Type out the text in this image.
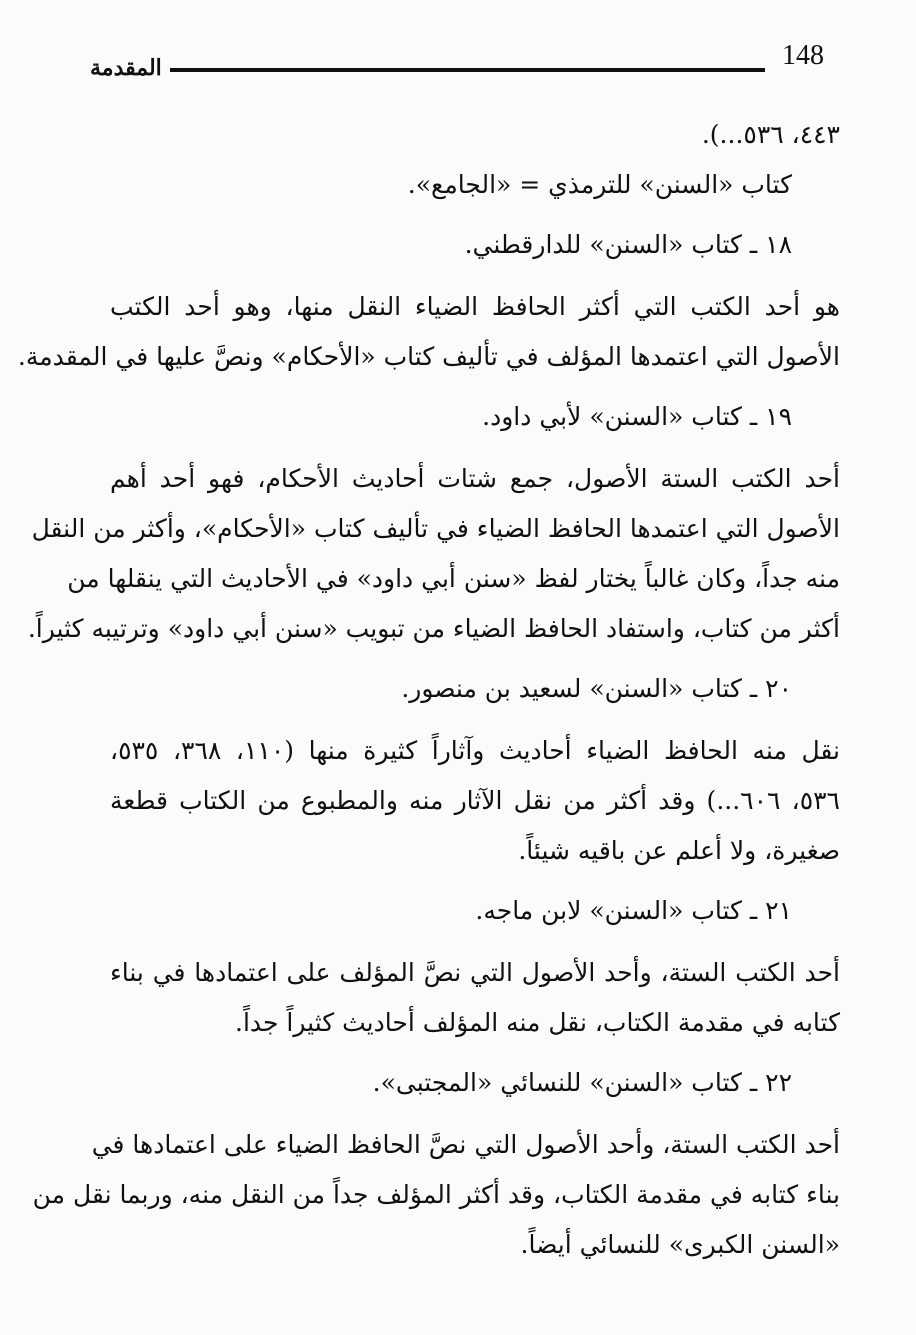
148
المقدمة
٤٤٣، ٥٣٦...).
كتاب «السنن» للترمذي = «الجامع».
١٨ ـ كتاب «السنن» للدارقطني.
هو أحد الكتب التي أكثر الحافظ الضياء النقل منها، وهو أحد الكتب
الأصول التي اعتمدها المؤلف في تأليف كتاب «الأحكام» ونصَّ عليها في المقدمة.
١٩ ـ كتاب «السنن» لأبي داود.
أحد الكتب الستة الأصول، جمع شتات أحاديث الأحكام، فهو أحد أهم
الأصول التي اعتمدها الحافظ الضياء في تأليف كتاب «الأحكام»، وأكثر من النقل
منه جداً، وكان غالباً يختار لفظ «سنن أبي داود» في الأحاديث التي ينقلها من
أكثر من كتاب، واستفاد الحافظ الضياء من تبويب «سنن أبي داود» وترتيبه كثيراً.
٢٠ ـ كتاب «السنن» لسعيد بن منصور.
نقل منه الحافظ الضياء أحاديث وآثاراً كثيرة منها (١١٠، ٣٦٨، ٥٣٥،
٥٣٦، ٦٠٦...) وقد أكثر من نقل الآثار منه والمطبوع من الكتاب قطعة
صغيرة، ولا أعلم عن باقيه شيئاً.
٢١ ـ كتاب «السنن» لابن ماجه.
أحد الكتب الستة، وأحد الأصول التي نصَّ المؤلف على اعتمادها في بناء
كتابه في مقدمة الكتاب، نقل منه المؤلف أحاديث كثيراً جداً.
٢٢ ـ كتاب «السنن» للنسائي «المجتبى».
أحد الكتب الستة، وأحد الأصول التي نصَّ الحافظ الضياء على اعتمادها في
بناء كتابه في مقدمة الكتاب، وقد أكثر المؤلف جداً من النقل منه، وربما نقل من
«السنن الكبرى» للنسائي أيضاً.
